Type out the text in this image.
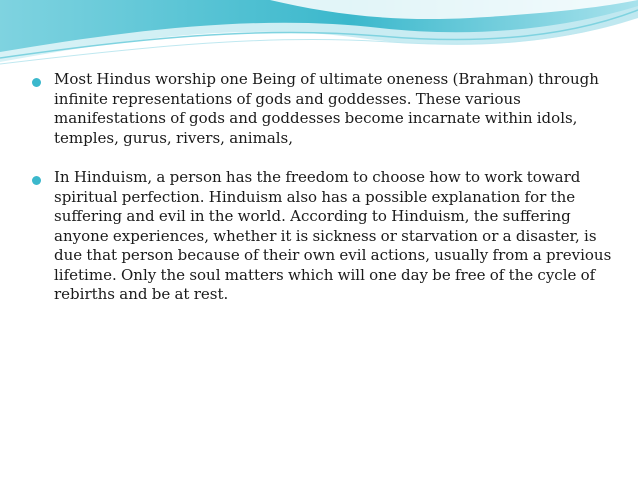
Most Hindus worship one Being of ultimate oneness (Brahman) through infinite representations of gods and goddesses. These various manifestations of gods and goddesses become incarnate within idols, temples, gurus, rivers, animals,
In Hinduism, a person has the freedom to choose how to work toward spiritual perfection. Hinduism also has a possible explanation for the suffering and evil in the world. According to Hinduism, the suffering anyone experiences, whether it is sickness or starvation or a disaster, is due that person because of their own evil actions, usually from a previous lifetime. Only the soul matters which will one day be free of the cycle of rebirths and be at rest.
